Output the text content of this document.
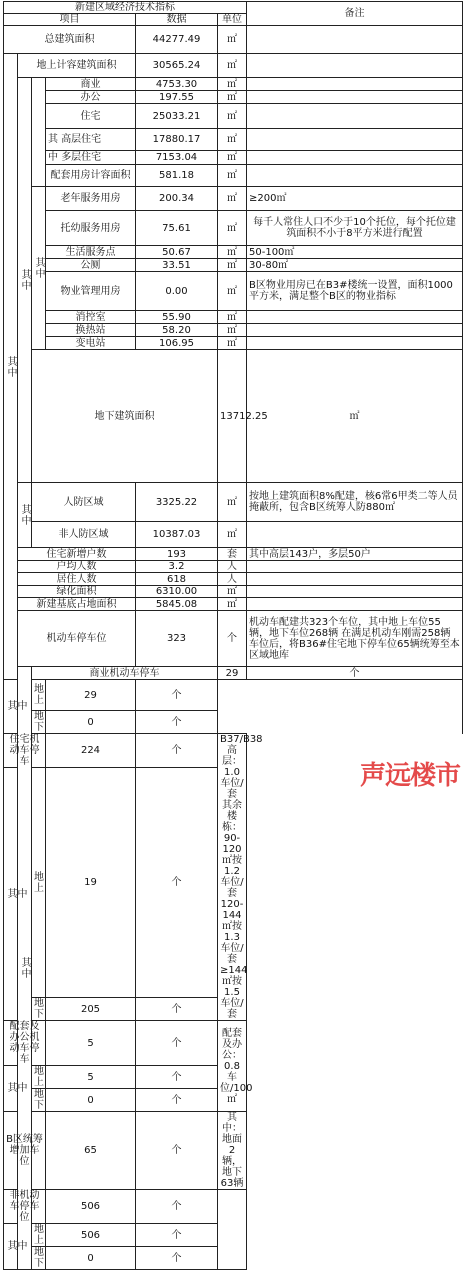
新建区域经济技术指标						备注	
项目				数据	单位		
总建筑面积				44277.49	㎡		
其中	地上计容建筑面积			30565.24	㎡		
	其中		商业	4753.30	㎡		
			办公	197.55	㎡		
			住宅	25033.21	㎡		
			其 高层住宅	17880.17	㎡		
			中 多层住宅	7153.04	㎡		
			配套用房计容面积	581.18	㎡		
		其中	老年服务用房	200.34	㎡	≥200㎡	
			托幼服务用房	75.61	㎡	每千人常住人口不少于10个托位，每个托位建筑面积不小于8平方米进行配置	
			生活服务点	50.67	㎡	50-100㎡	
			公厕	33.51	㎡	30-80㎡	
			物业管理用房	0.00	㎡	B区物业用房已在B3#楼统一设置，面积1000平方米，满足整个B区的物业指标	
			消控室	55.90	㎡		
			换热站	58.20	㎡		
			变电站	106.95	㎡		
		地下建筑面积			13712.25	㎡	
	其中	人防区域		3325.22	㎡	按地上建筑面积8%配建，核6常6甲类二等人员掩蔽所，包含B区统筹人防880㎡	
		非人防区域		10387.03	㎡		
	住宅新增户数			193	套	其中高层143户，多层50户	
	户均人数			3.2	人		
	居住人数			618	人		
	绿化面积			6310.00	㎡		
	新建基底占地面积			5845.08	㎡		
	机动车停车位			323	个	机动车配建共323个车位，其中地上车位55辆，地下车位268辆 在满足机动车刚需258辆车位后，将B36#住宅地下停车位65辆统筹至本区域地库	
	其中	商业机动车停车			29	个	
其中		地上	29	个			
		地下	0	个			
住宅机动车停车			224	个	B37/B38高层：1.0车位/套
其余楼栋：90-120㎡按1.2车位/套
120-144㎡按1.3车位/套
≥144㎡按1.5车位/套		

其中		地上	19	个			
		地下	205	个			
配套及办公机动车停车			5	个	配套及办公：0.8车位/100㎡		
其中		地上	5	个			
		地下	0	个			
B区统筹增加车位			65	个	其中：地面2辆，地下63辆		
非机动车停车位			506	个			
其中		地上	506	个			
		地下	0	个			
声远楼市
